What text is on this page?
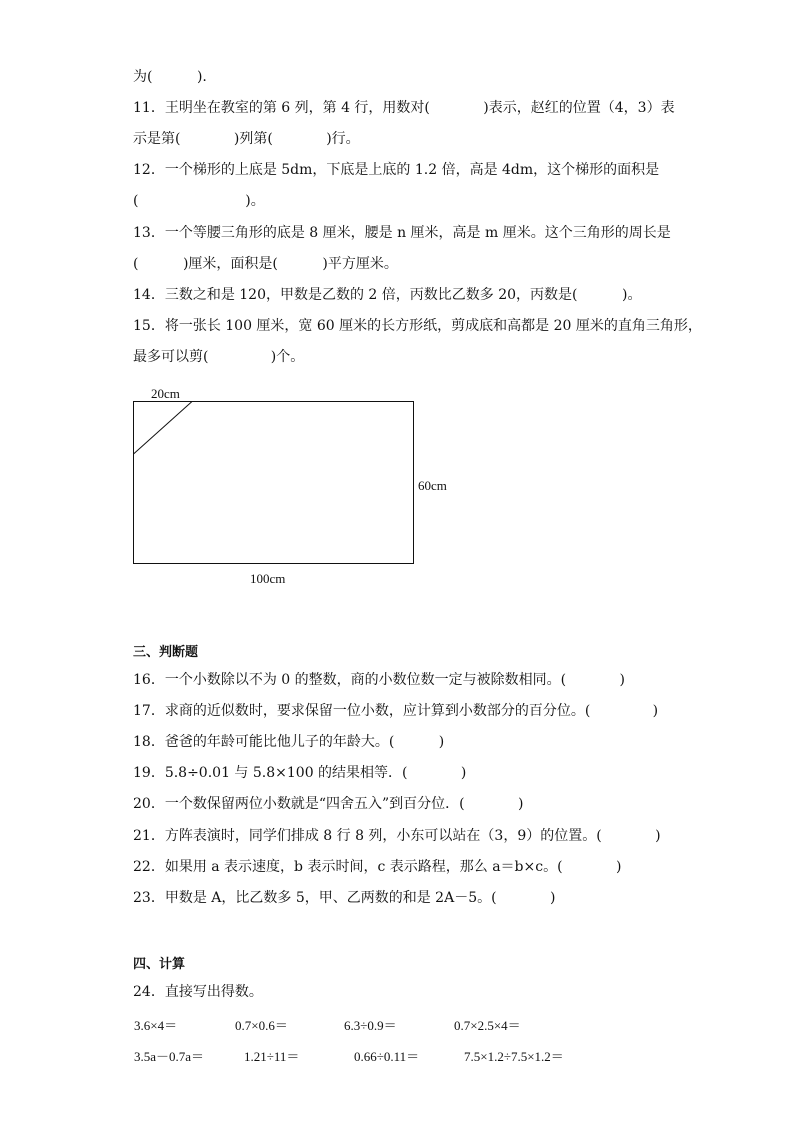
为(          ).
11．王明坐在教室的第 6 列，第 4 行，用数对(            )表示，赵红的位置（4，3）表
示是第(            )列第(            )行。
12．一个梯形的上底是 5dm，下底是上底的 1.2 倍，高是 4dm，这个梯形的面积是
(                        )。
13．一个等腰三角形的底是 8 厘米，腰是 n 厘米，高是 m 厘米。这个三角形的周长是
(          )厘米，面积是(          )平方厘米。
14．三数之和是 120，甲数是乙数的 2 倍，丙数比乙数多 20，丙数是(          )。
15．将一张长 100 厘米，宽 60 厘米的长方形纸，剪成底和高都是 20 厘米的直角三角形，
最多可以剪(              )个。
20cm
60cm
100cm
三、判断题
16．一个小数除以不为 0 的整数，商的小数位数一定与被除数相同。(            )
17．求商的近似数时，要求保留一位小数，应计算到小数部分的百分位。(              )
18．爸爸的年龄可能比他儿子的年龄大。(          )
19．5.8÷0.01 与 5.8×100 的结果相等．(            )
20．一个数保留两位小数就是“四舍五入”到百分位．(            )
21．方阵表演时，同学们排成 8 行 8 列，小东可以站在（3，9）的位置。(            )
22．如果用 a 表示速度，b 表示时间，c 表示路程，那么 a＝b×c。(            )
23．甲数是 A，比乙数多 5，甲、乙两数的和是 2A－5。(            )
四、计算
24．直接写出得数。
3.6×4＝	0.7×0.6＝	6.3÷0.9＝	0.7×2.5×4＝
3.5a－0.7a＝	1.21÷11＝	0.66÷0.11＝	7.5×1.2÷7.5×1.2＝
